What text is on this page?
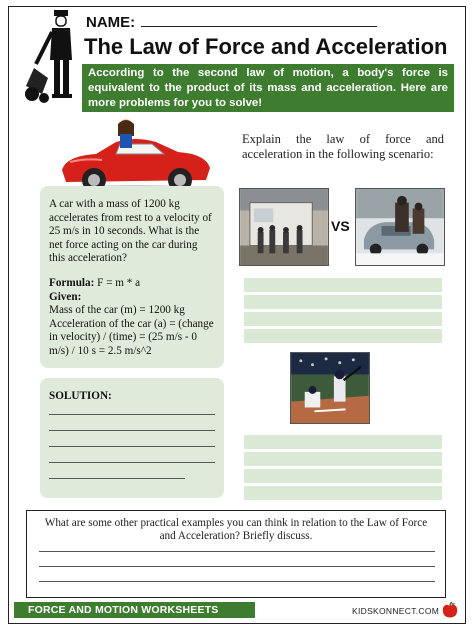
NAME:
The Law of Force and Acceleration
According to the second law of motion, a body's force is equivalent to the product of its mass and acceleration. Here are more problems for you to solve!
Explain the law of force and acceleration in the following scenario:
VS

A car with a mass of 1200 kg accelerates from rest to a velocity of 25 m/s in 10 seconds. What is the net force acting on the car during this acceleration?

Formula: F = m * a

Given:

Mass of the car (m) = 1200 kg

Acceleration of the car (a) = (change in velocity) / (time) = (25 m/s - 0 m/s) / 10 s = 2.5 m/s^2

SOLUTION:
What are some other practical examples you can think in relation to the Law of Force and Acceleration? Briefly discuss.
FORCE AND MOTION WORKSHEETS	KIDSKONNECT.COM
